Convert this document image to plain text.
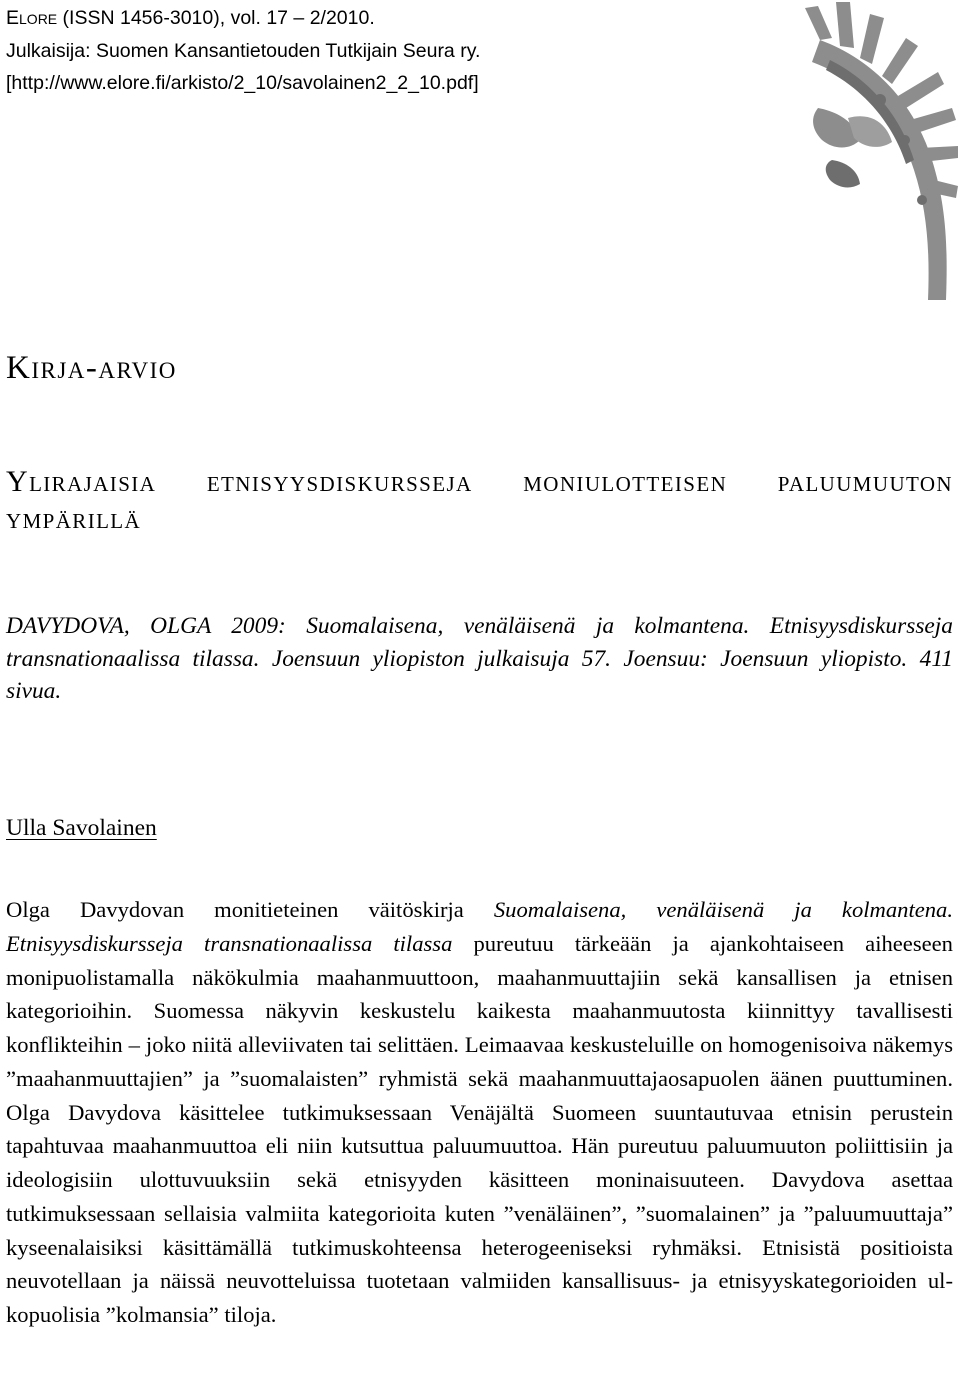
ELORE (ISSN 1456-3010), vol. 17 – 2/2010.
Julkaisija: Suomen Kansantietouden Tutkijain Seura ry.
[http://www.elore.fi/arkisto/2_10/savolainen2_2_10.pdf]
Kirja-arvio
Ylirajaisia etnisyysdiskursseja moniulotteisen paluumuuton ympärillä
DAVYDOVA, OLGA 2009: Suomalaisena, venäläisenä ja kolmantena. Etnisyysdiskursseja transnationaalissa tilassa. Joensuun yliopiston julkaisuja 57. Joensuu: Joensuun yliopisto. 411 sivua.
Ulla Savolainen
Olga Davydovan monitieteinen väitöskirja Suomalaisena, venäläisenä ja kolmantena. Etnisyysdiskursseja transnationaalissa tilassa pureutuu tärkeään ja ajankohtaiseen aiheeseen monipuolistamalla näkökulmia maahanmuuttoon, maahanmuuttajiin sekä kansallisen ja etnisen kategorioihin. Suomessa näkyvin keskustelu kaikesta maahanmuutosta kiinnittyy tavallisesti konflikteihin – joko niitä alleviivaten tai selittäen. Leimaavaa keskusteluille on homogenisoiva näkemys ”maahanmuuttajien” ja ”suomalaisten” ryhmistä sekä maahanmuuttajaosapuolen äänen puuttuminen. Olga Davydova käsittelee tutkimuksessaan Venäjältä Suomeen suuntautuvaa etnisin perustein tapahtuvaa maahanmuuttoa eli niin kutsuttua paluumuuttoa. Hän pureutuu paluumuuton poliittisiin ja ideologisiin ulottuvuuksiin sekä etnisyyden käsitteen moninaisuuteen. Davydova asettaa tutkimuksessaan sellaisia valmiita kategorioita kuten ”venäläinen”, ”suomalainen” ja ”paluumuuttaja” kyseenalaisiksi käsittämällä tutkimuskohteensa heterogeeniseksi ryhmäksi. Etnisistä positioista neuvotellaan ja näissä neuvotteluissa tuotetaan valmiiden kansallisuus- ja etnisyyskategorioiden ulkopuolisia ”kolmansia” tiloja.
